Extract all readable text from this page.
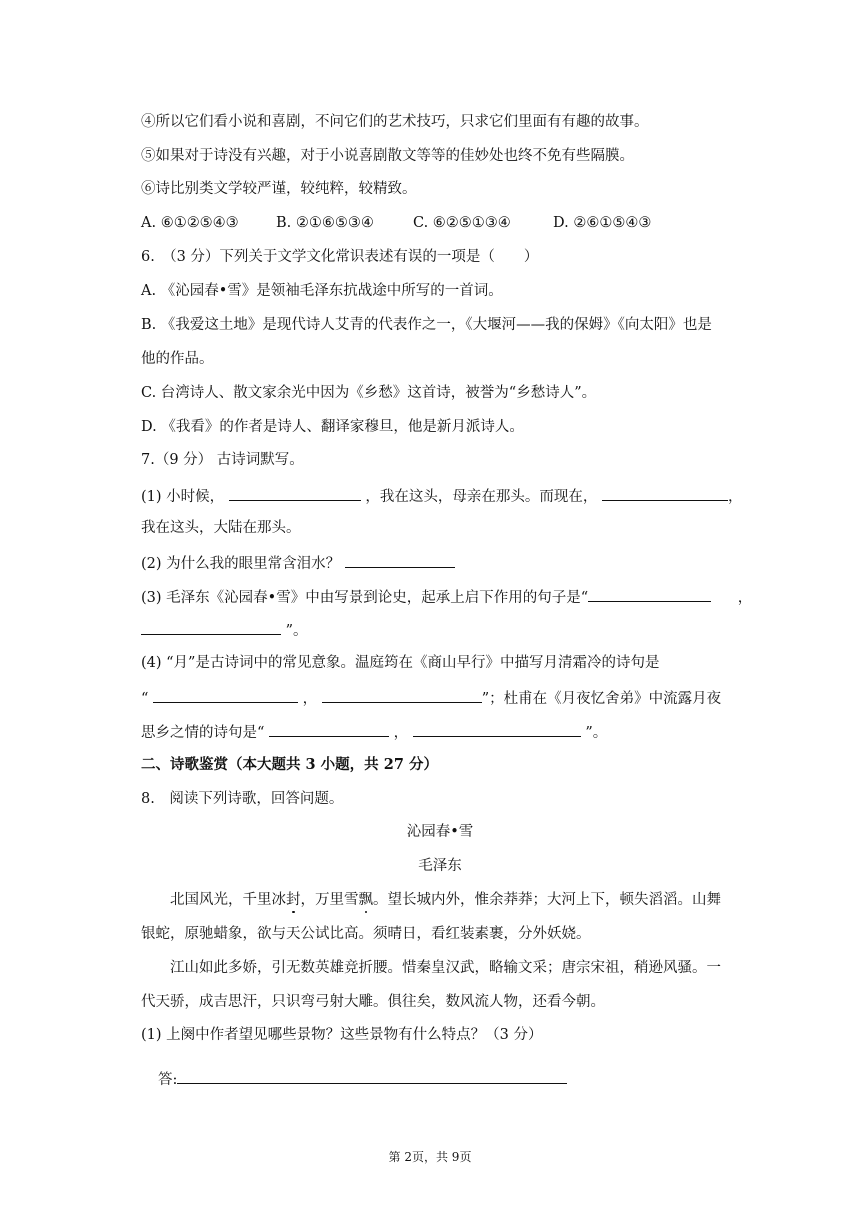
④所以它们看小说和喜剧，不问它们的艺术技巧，只求它们里面有有趣的故事。
⑤如果对于诗没有兴趣，对于小说喜剧散文等等的佳妙处也终不免有些隔膜。
⑥诗比别类文学较严谨，较纯粹，较精致。
A. ⑥①②⑤④③	B. ②①⑥⑤③④	C. ⑥②⑤①③④	D. ②⑥①⑤④③
6.　（3 分）下列关于文学文化常识表述有误的一项是（　　）
A. 《沁园春•雪》是领袖毛泽东抗战途中所写的一首词。
B. 《我爱这土地》是现代诗人艾青的代表作之一，《大堰河——我的保姆》《向太阳》也是
他的作品。
C. 台湾诗人、散文家余光中因为《乡愁》这首诗，被誉为“乡愁诗人”。
D. 《我看》的作者是诗人、翻译家穆旦，他是新月派诗人。
7.（9 分） 古诗词默写。
(1) 小时候，	，我在这头，母亲在那头。而现在，	，
我在这头，大陆在那头。
(2) 为什么我的眼里常含泪水？
(3) 毛泽东《沁园春•雪》中由写景到论史，起承上启下作用的句子是“	，
”。
(4) “月”是古诗词中的常见意象。温庭筠在《商山早行》中描写月清霜冷的诗句是
“	，	”；杜甫在《月夜忆舍弟》中流露月夜
思乡之情的诗句是“	，	”。
二、诗歌鉴赏（本大题共 3 小题，共 27 分）
8.　阅读下列诗歌，回答问题。
沁园春•雪
毛泽东
北国风光，千里冰封，万里雪飘。望长城内外，惟余莽莽；大河上下，顿失滔滔。山舞
银蛇，原驰蜡象，欲与天公试比高。须晴日，看红装素裹，分外妖娆。
江山如此多娇，引无数英雄竞折腰。惜秦皇汉武，略输文采；唐宗宋祖，稍逊风骚。一
代天骄，成吉思汗，只识弯弓射大雕。俱往矣，数风流人物，还看今朝。
(1) 上阕中作者望见哪些景物？这些景物有什么特点？（3 分）
答:
第 2页，共 9页
